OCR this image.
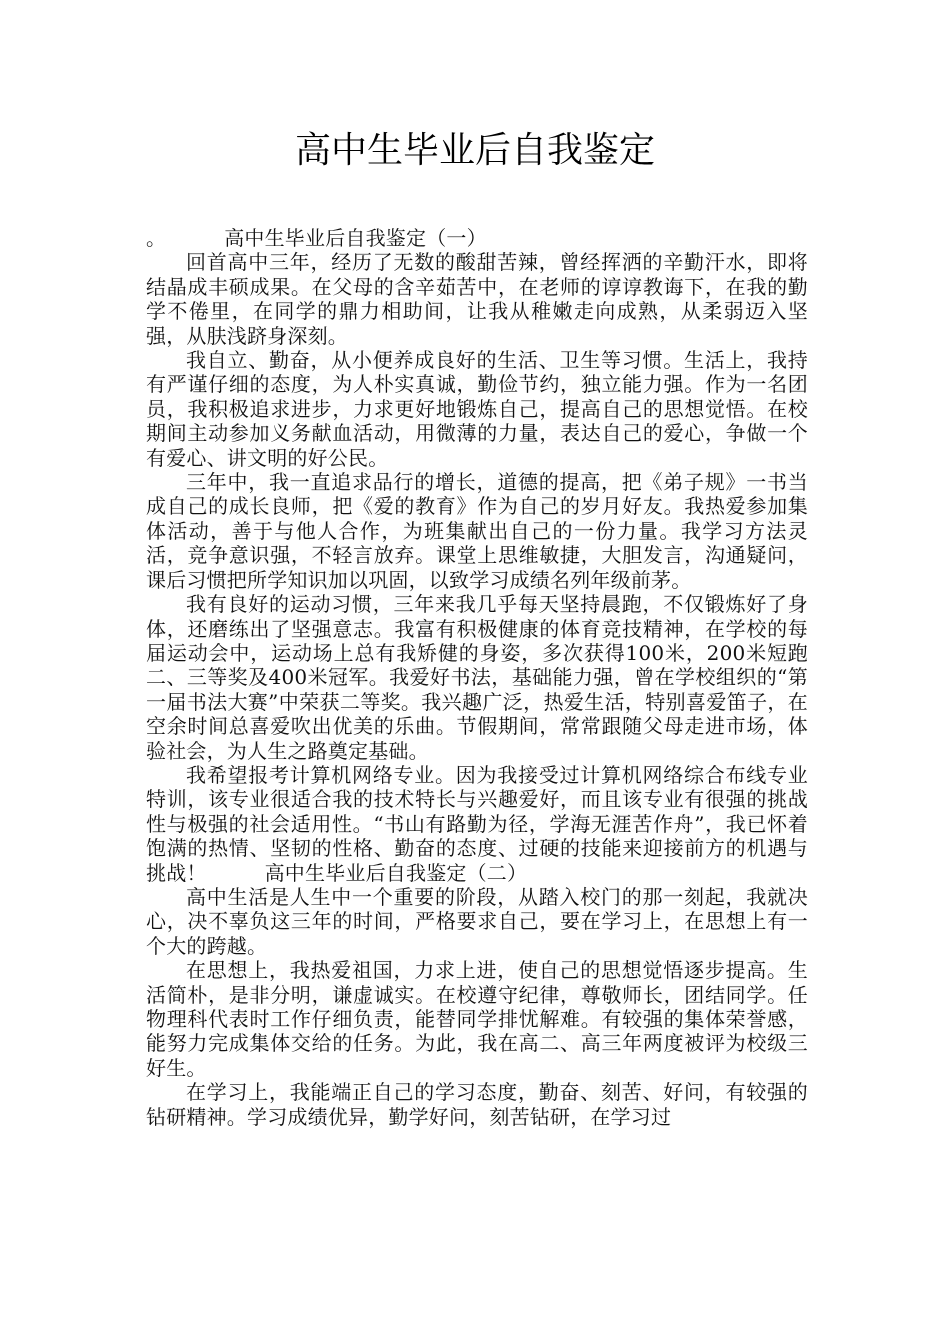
高中生毕业后自我鉴定

。	高中生毕业后自我鉴定（一）

回首高中三年，经历了无数的酸甜苦辣，曾经挥洒的辛勤汗水，即将结晶成丰硕成果。在父母的含辛茹苦中，在老师的谆谆教诲下，在我的勤学不倦里，在同学的鼎力相助间，让我从稚嫩走向成熟，从柔弱迈入坚强，从肤浅跻身深刻。

我自立、勤奋，从小便养成良好的生活、卫生等习惯。生活上，我持有严谨仔细的态度，为人朴实真诚，勤俭节约，独立能力强。作为一名团员，我积极追求进步，力求更好地锻炼自己，提高自己的思想觉悟。在校期间主动参加义务献血活动，用微薄的力量，表达自己的爱心，争做一个有爱心、讲文明的好公民。

三年中，我一直追求品行的增长，道德的提高，把《弟子规》一书当成自己的成长良师，把《爱的教育》作为自己的岁月好友。我热爱参加集体活动，善于与他人合作，为班集献出自己的一份力量。我学习方法灵活，竞争意识强，不轻言放弃。课堂上思维敏捷，大胆发言，沟通疑问，课后习惯把所学知识加以巩固，以致学习成绩名列年级前茅。

我有良好的运动习惯，三年来我几乎每天坚持晨跑，不仅锻炼好了身体，还磨练出了坚强意志。我富有积极健康的体育竞技精神，在学校的每届运动会中，运动场上总有我矫健的身姿，多次获得100米，200米短跑二、三等奖及400米冠军。我爱好书法，基础能力强，曾在学校组织的“第一届书法大赛”中荣获二等奖。我兴趣广泛，热爱生活，特别喜爱笛子，在空余时间总喜爱吹出优美的乐曲。节假期间，常常跟随父母走进市场，体验社会，为人生之路奠定基础。

我希望报考计算机网络专业。因为我接受过计算机网络综合布线专业特训，该专业很适合我的技术特长与兴趣爱好，而且该专业有很强的挑战性与极强的社会适用性。“书山有路勤为径，学海无涯苦作舟”，我已怀着饱满的热情、坚韧的性格、勤奋的态度、过硬的技能来迎接前方的机遇与挑战！	高中生毕业后自我鉴定（二）

高中生活是人生中一个重要的阶段，从踏入校门的那一刻起，我就决心，决不辜负这三年的时间，严格要求自己，要在学习上，在思想上有一个大的跨越。

在思想上，我热爱祖国，力求上进，使自己的思想觉悟逐步提高。生活简朴，是非分明，谦虚诚实。在校遵守纪律，尊敬师长，团结同学。任物理科代表时工作仔细负责，能替同学排忧解难。有较强的集体荣誉感，能努力完成集体交给的任务。为此，我在高二、高三年两度被评为校级三好生。

在学习上，我能端正自己的学习态度，勤奋、刻苦、好问，有较强的钻研精神。学习成绩优异，勤学好问，刻苦钻研，在学习过
